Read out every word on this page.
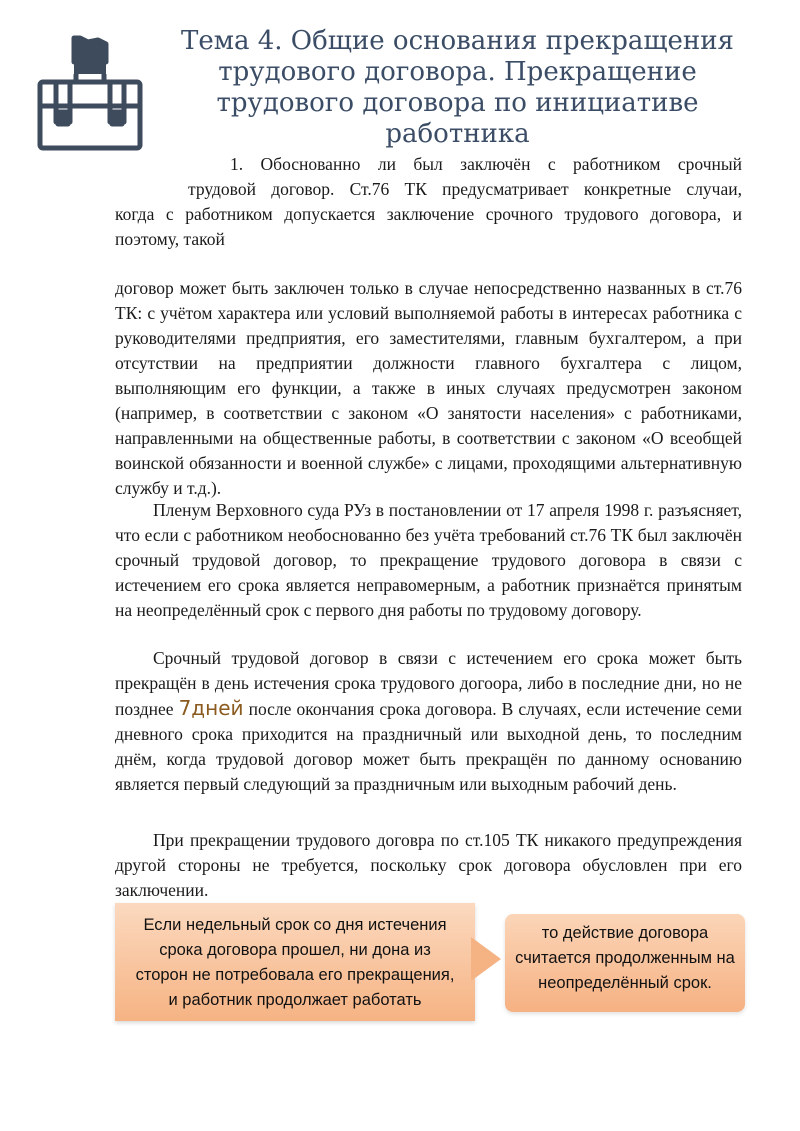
Тема 4. Общие основания прекращения
трудового договора. Прекращение
трудового договора по инициативе
работника
1. Обоснованно ли был заключён с работником срочный
трудовой договор. Ст.76 ТК предусматривает конкретные случаи,
когда с работником допускается заключение срочного трудового договора, и поэтому, такой

договор может быть заключен только в случае непосредственно названных в ст.76 ТК: с учётом характера или условий выполняемой работы в интересах работника с руководителями предприятия, его заместителями, главным бухгалтером, а при отсутствии на предприятии должности главного бухгалтера с лицом, выполняющим его функции, а также в иных случаях предусмотрен законом (например, в соответствии с законом «О занятости населения» с работниками, направленными на общественные работы, в соответствии с законом «О всеобщей воинской обязанности и военной службе» с лицами, проходящими альтернативную службу и т.д.).

Пленум Верховного суда РУз в постановлении от 17 апреля 1998 г. разъясняет, что если с работником необоснованно без учёта требований ст.76 ТК был заключён срочный трудовой договор, то прекращение трудового договора в связи с истечением его срока является неправомерным, а работник признаётся принятым на неопределённый срок с первого дня работы по трудовому договору.

Срочный трудовой договор в связи с истечением его срока может быть прекращён в день истечения срока трудового догоора, либо в последние дни, но не позднее 7дней после окончания срока договора. В случаях, если истечение семи дневного срока приходится на праздничный или выходной день, то последним днём, когда трудовой договор может быть прекращён по данному основанию является первый следующий за праздничным или выходным рабочий день.

При прекращении трудового договра по ст.105 ТК никакого предупреждения другой стороны не требуется, поскольку срок договора обусловлен при его заключении.

Если недельный срок со дня истечения срока договора прошел, ни дона из сторон не потребовала его прекращения, и работник продолжает работать
то действие договора считается продолженным на неопределённый срок.
